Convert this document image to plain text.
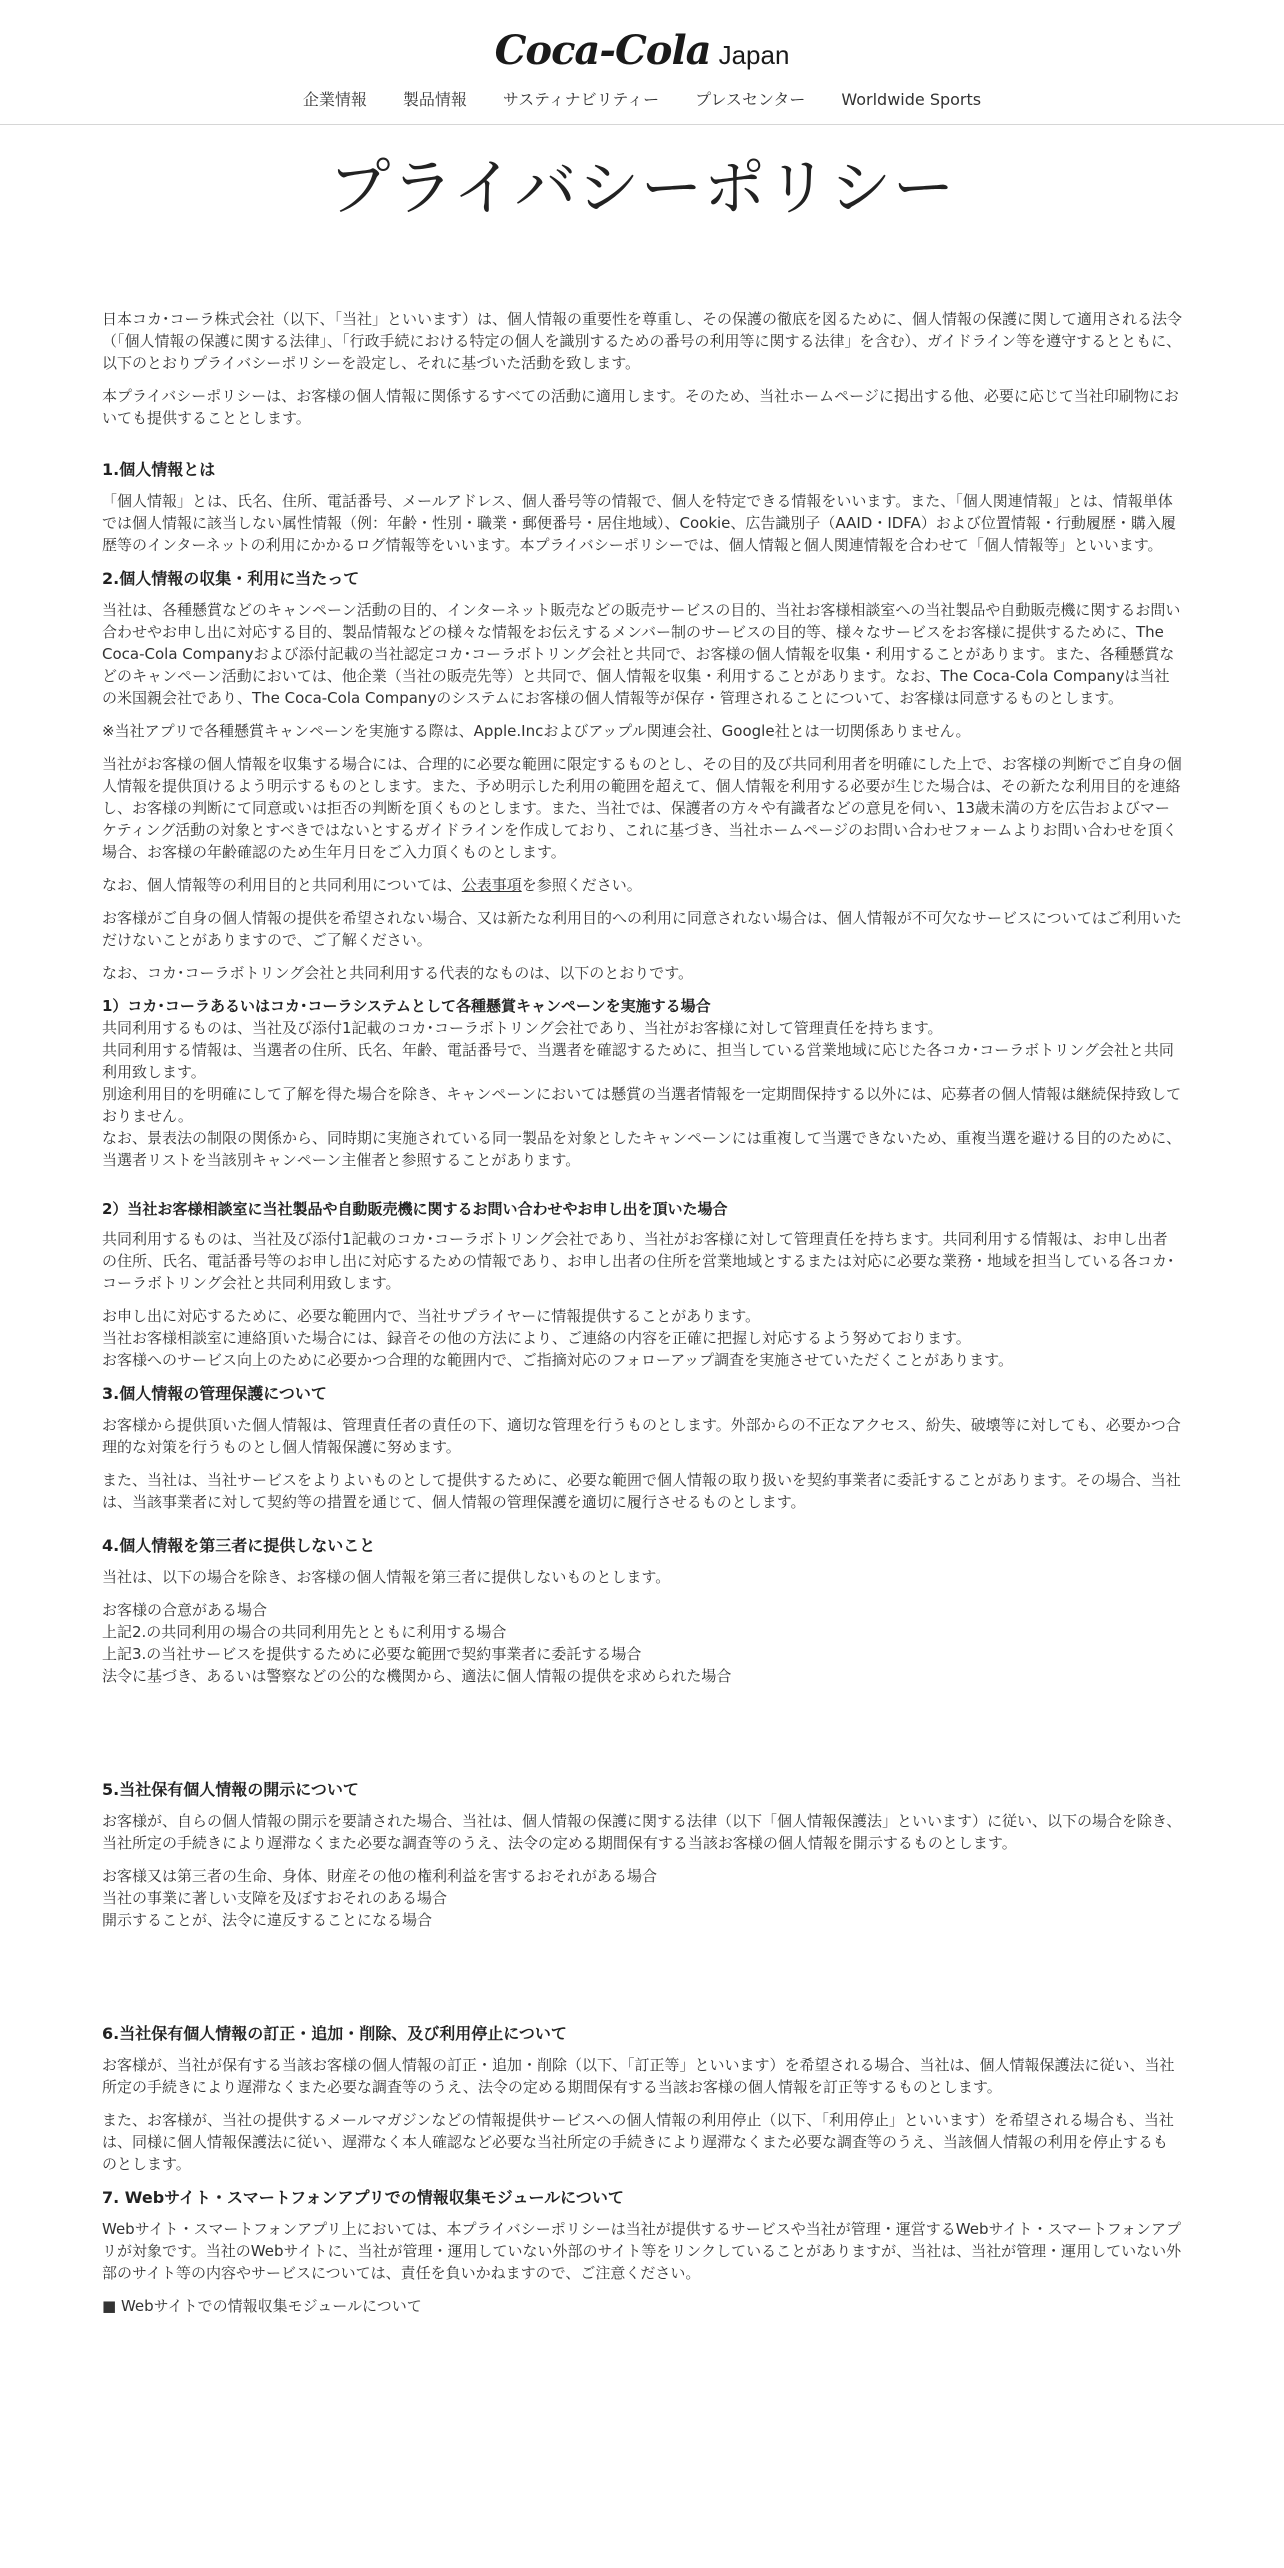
Coca-Cola Japan
企業情報 製品情報 サスティナビリティー プレスセンター Worldwide Sports
プライバシーポリシー

日本コカ･コーラ株式会社（以下、「当社」といいます）は、個人情報の重要性を尊重し、その保護の徹底を図るために、個人情報の保護に関して適用される法令（「個人情報の保護に関する法律」、「行政手続における特定の個人を識別するための番号の利用等に関する法律」を含む）、ガイドライン等を遵守するとともに、以下のとおりプライバシーポリシーを設定し、それに基づいた活動を致します。

本プライバシーポリシーは、お客様の個人情報に関係するすべての活動に適用します。そのため、当社ホームページに掲出する他、必要に応じて当社印刷物においても提供することとします。

1.個人情報とは

「個人情報」とは、氏名、住所、電話番号、メールアドレス、個人番号等の情報で、個人を特定できる情報をいいます。また、「個人関連情報」とは、情報単体では個人情報に該当しない属性情報（例：年齢・性別・職業・郵便番号・居住地域）、Cookie、広告識別子（AAID・IDFA）および位置情報・行動履歴・購入履歴等のインターネットの利用にかかるログ情報等をいいます。本プライバシーポリシーでは、個人情報と個人関連情報を合わせて「個人情報等」といいます。

2.個人情報の収集・利用に当たって

当社は、各種懸賞などのキャンペーン活動の目的、インターネット販売などの販売サービスの目的、当社お客様相談室への当社製品や自動販売機に関するお問い合わせやお申し出に対応する目的、製品情報などの様々な情報をお伝えするメンバー制のサービスの目的等、様々なサービスをお客様に提供するために、The Coca-Cola Companyおよび添付記載の当社認定コカ･コーラボトリング会社と共同で、お客様の個人情報を収集・利用することがあります。また、各種懸賞などのキャンペーン活動においては、他企業（当社の販売先等）と共同で、個人情報を収集・利用することがあります。なお、The Coca-Cola Companyは当社の米国親会社であり、The Coca-Cola Companyのシステムにお客様の個人情報等が保存・管理されることについて、お客様は同意するものとします。

※当社アプリで各種懸賞キャンペーンを実施する際は、Apple.Incおよびアップル関連会社、Google社とは一切関係ありません。

当社がお客様の個人情報を収集する場合には、合理的に必要な範囲に限定するものとし、その目的及び共同利用者を明確にした上で、お客様の判断でご自身の個人情報を提供頂けるよう明示するものとします。また、予め明示した利用の範囲を超えて、個人情報を利用する必要が生じた場合は、その新たな利用目的を連絡し、お客様の判断にて同意或いは拒否の判断を頂くものとします。また、当社では、保護者の方々や有識者などの意見を伺い、13歳未満の方を広告およびマーケティング活動の対象とすべきではないとするガイドラインを作成しており、これに基づき、当社ホームページのお問い合わせフォームよりお問い合わせを頂く場合、お客様の年齢確認のため生年月日をご入力頂くものとします。

なお、個人情報等の利用目的と共同利用については、公表事項を参照ください。

お客様がご自身の個人情報の提供を希望されない場合、又は新たな利用目的への利用に同意されない場合は、個人情報が不可欠なサービスについてはご利用いただけないことがありますので、ご了解ください。

なお、コカ･コーラボトリング会社と共同利用する代表的なものは、以下のとおりです。

1）コカ･コーラあるいはコカ･コーラシステムとして各種懸賞キャンペーンを実施する場合
共同利用するものは、当社及び添付1記載のコカ･コーラボトリング会社であり、当社がお客様に対して管理責任を持ちます。
共同利用する情報は、当選者の住所、氏名、年齢、電話番号で、当選者を確認するために、担当している営業地域に応じた各コカ･コーラボトリング会社と共同利用致します。
別途利用目的を明確にして了解を得た場合を除き、キャンペーンにおいては懸賞の当選者情報を一定期間保持する以外には、応募者の個人情報は継続保持致しておりません。
なお、景表法の制限の関係から、同時期に実施されている同一製品を対象としたキャンペーンには重複して当選できないため、重複当選を避ける目的のために、当選者リストを当該別キャンペーン主催者と参照することがあります。
2）当社お客様相談室に当社製品や自動販売機に関するお問い合わせやお申し出を頂いた場合

共同利用するものは、当社及び添付1記載のコカ･コーラボトリング会社であり、当社がお客様に対して管理責任を持ちます。共同利用する情報は、お申し出者の住所、氏名、電話番号等のお申し出に対応するための情報であり、お申し出者の住所を営業地域とするまたは対応に必要な業務・地域を担当している各コカ･コーラボトリング会社と共同利用致します。

お申し出に対応するために、必要な範囲内で、当社サプライヤーに情報提供することがあります。
当社お客様相談室に連絡頂いた場合には、録音その他の方法により、ご連絡の内容を正確に把握し対応するよう努めております。
お客様へのサービス向上のために必要かつ合理的な範囲内で、ご指摘対応のフォローアップ調査を実施させていただくことがあります。
3.個人情報の管理保護について

お客様から提供頂いた個人情報は、管理責任者の責任の下、適切な管理を行うものとします。外部からの不正なアクセス、紛失、破壊等に対しても、必要かつ合理的な対策を行うものとし個人情報保護に努めます。

また、当社は、当社サービスをよりよいものとして提供するために、必要な範囲で個人情報の取り扱いを契約事業者に委託することがあります。その場合、当社は、当該事業者に対して契約等の措置を通じて、個人情報の管理保護を適切に履行させるものとします。

4.個人情報を第三者に提供しないこと

当社は、以下の場合を除き、お客様の個人情報を第三者に提供しないものとします。

お客様の合意がある場合
上記2.の共同利用の場合の共同利用先とともに利用する場合
上記3.の当社サービスを提供するために必要な範囲で契約事業者に委託する場合
法令に基づき、あるいは警察などの公的な機関から、適法に個人情報の提供を求められた場合
5.当社保有個人情報の開示について

お客様が、自らの個人情報の開示を要請された場合、当社は、個人情報の保護に関する法律（以下「個人情報保護法」といいます）に従い、以下の場合を除き、当社所定の手続きにより遅滞なくまた必要な調査等のうえ、法令の定める期間保有する当該お客様の個人情報を開示するものとします。

お客様又は第三者の生命、身体、財産その他の権利利益を害するおそれがある場合
当社の事業に著しい支障を及ぼすおそれのある場合
開示することが、法令に違反することになる場合
6.当社保有個人情報の訂正・追加・削除、及び利用停止について

お客様が、当社が保有する当該お客様の個人情報の訂正・追加・削除（以下、「訂正等」といいます）を希望される場合、当社は、個人情報保護法に従い、当社所定の手続きにより遅滞なくまた必要な調査等のうえ、法令の定める期間保有する当該お客様の個人情報を訂正等するものとします。

また、お客様が、当社の提供するメールマガジンなどの情報提供サービスへの個人情報の利用停止（以下、「利用停止」といいます）を希望される場合も、当社は、同様に個人情報保護法に従い、遅滞なく本人確認など必要な当社所定の手続きにより遅滞なくまた必要な調査等のうえ、当該個人情報の利用を停止するものとします。

7. Webサイト・スマートフォンアプリでの情報収集モジュールについて

Webサイト・スマートフォンアプリ上においては、本プライバシーポリシーは当社が提供するサービスや当社が管理・運営するWebサイト・スマートフォンアプリが対象です。当社のWebサイトに、当社が管理・運用していない外部のサイト等をリンクしていることがありますが、当社は、当社が管理・運用していない外部のサイト等の内容やサービスについては、責任を負いかねますので、ご注意ください。

■ Webサイトでの情報収集モジュールについて
